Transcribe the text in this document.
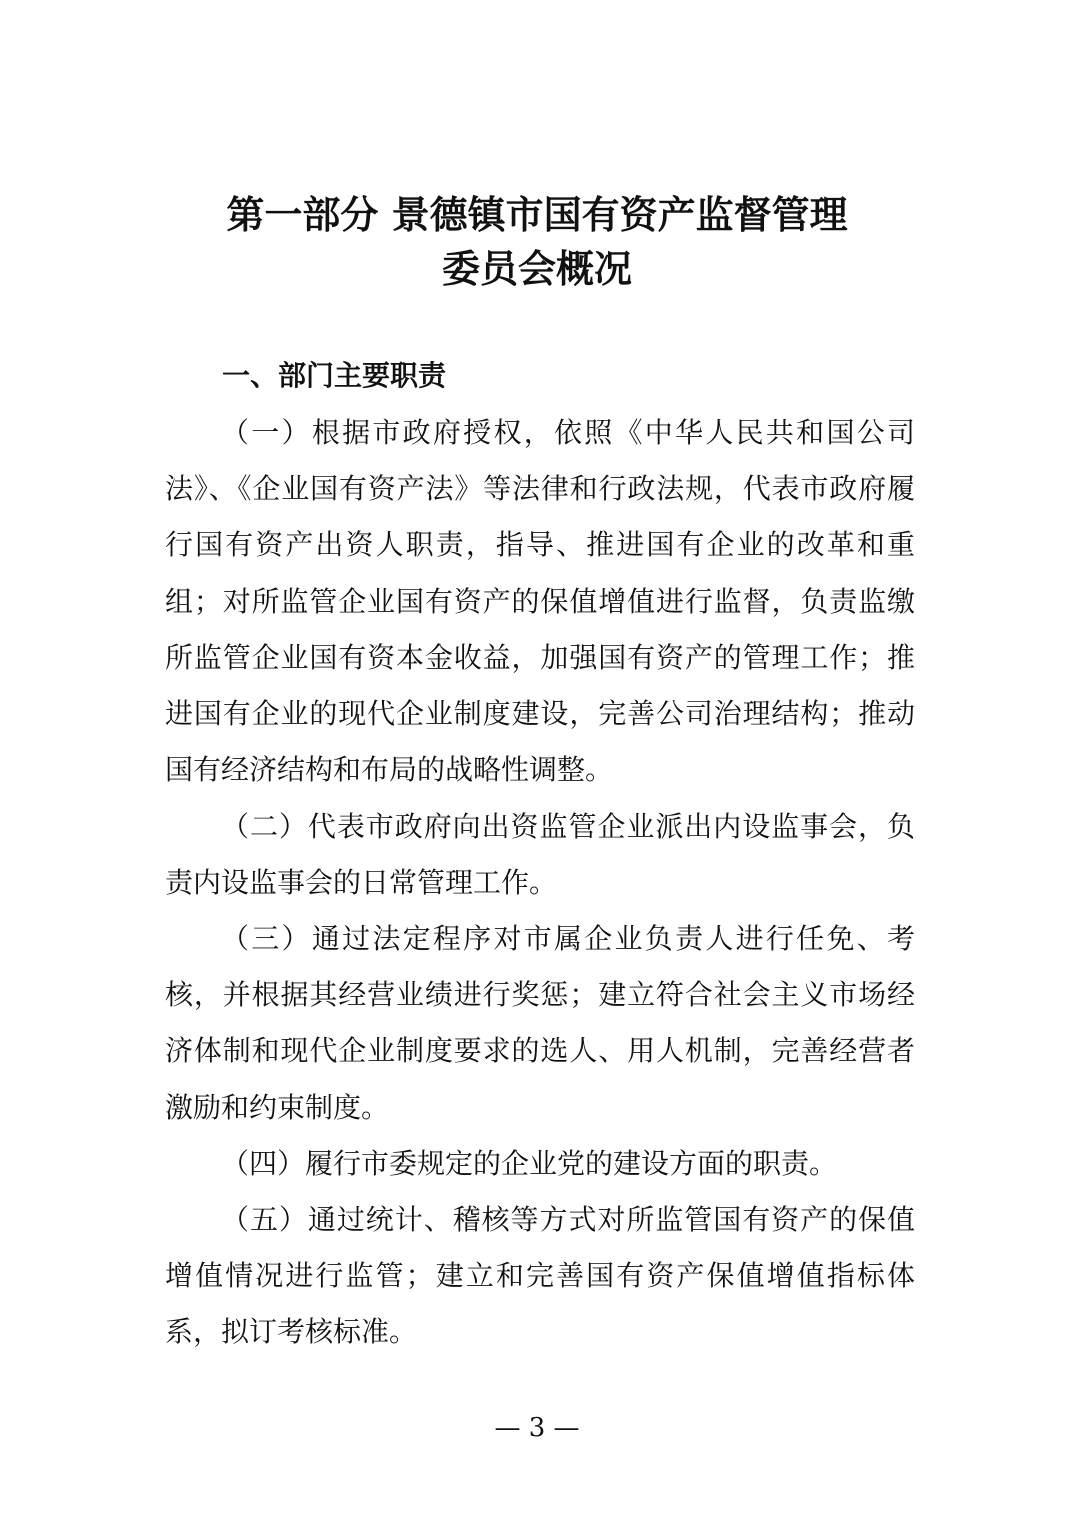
第一部分 景德镇市国有资产监督管理
委员会概况
一、部门主要职责

（一）根据市政府授权，依照《中华人民共和国公司法》、《企业国有资产法》等法律和行政法规，代表市政府履行国有资产出资人职责，指导、推进国有企业的改革和重组；对所监管企业国有资产的保值增值进行监督，负责监缴所监管企业国有资本金收益，加强国有资产的管理工作；推进国有企业的现代企业制度建设，完善公司治理结构；推动国有经济结构和布局的战略性调整。

（二）代表市政府向出资监管企业派出内设监事会，负责内设监事会的日常管理工作。

（三）通过法定程序对市属企业负责人进行任免、考核，并根据其经营业绩进行奖惩；建立符合社会主义市场经济体制和现代企业制度要求的选人、用人机制，完善经营者激励和约束制度。

（四）履行市委规定的企业党的建设方面的职责。

（五）通过统计、稽核等方式对所监管国有资产的保值增值情况进行监管；建立和完善国有资产保值增值指标体系，拟订考核标准。

— 3 —
